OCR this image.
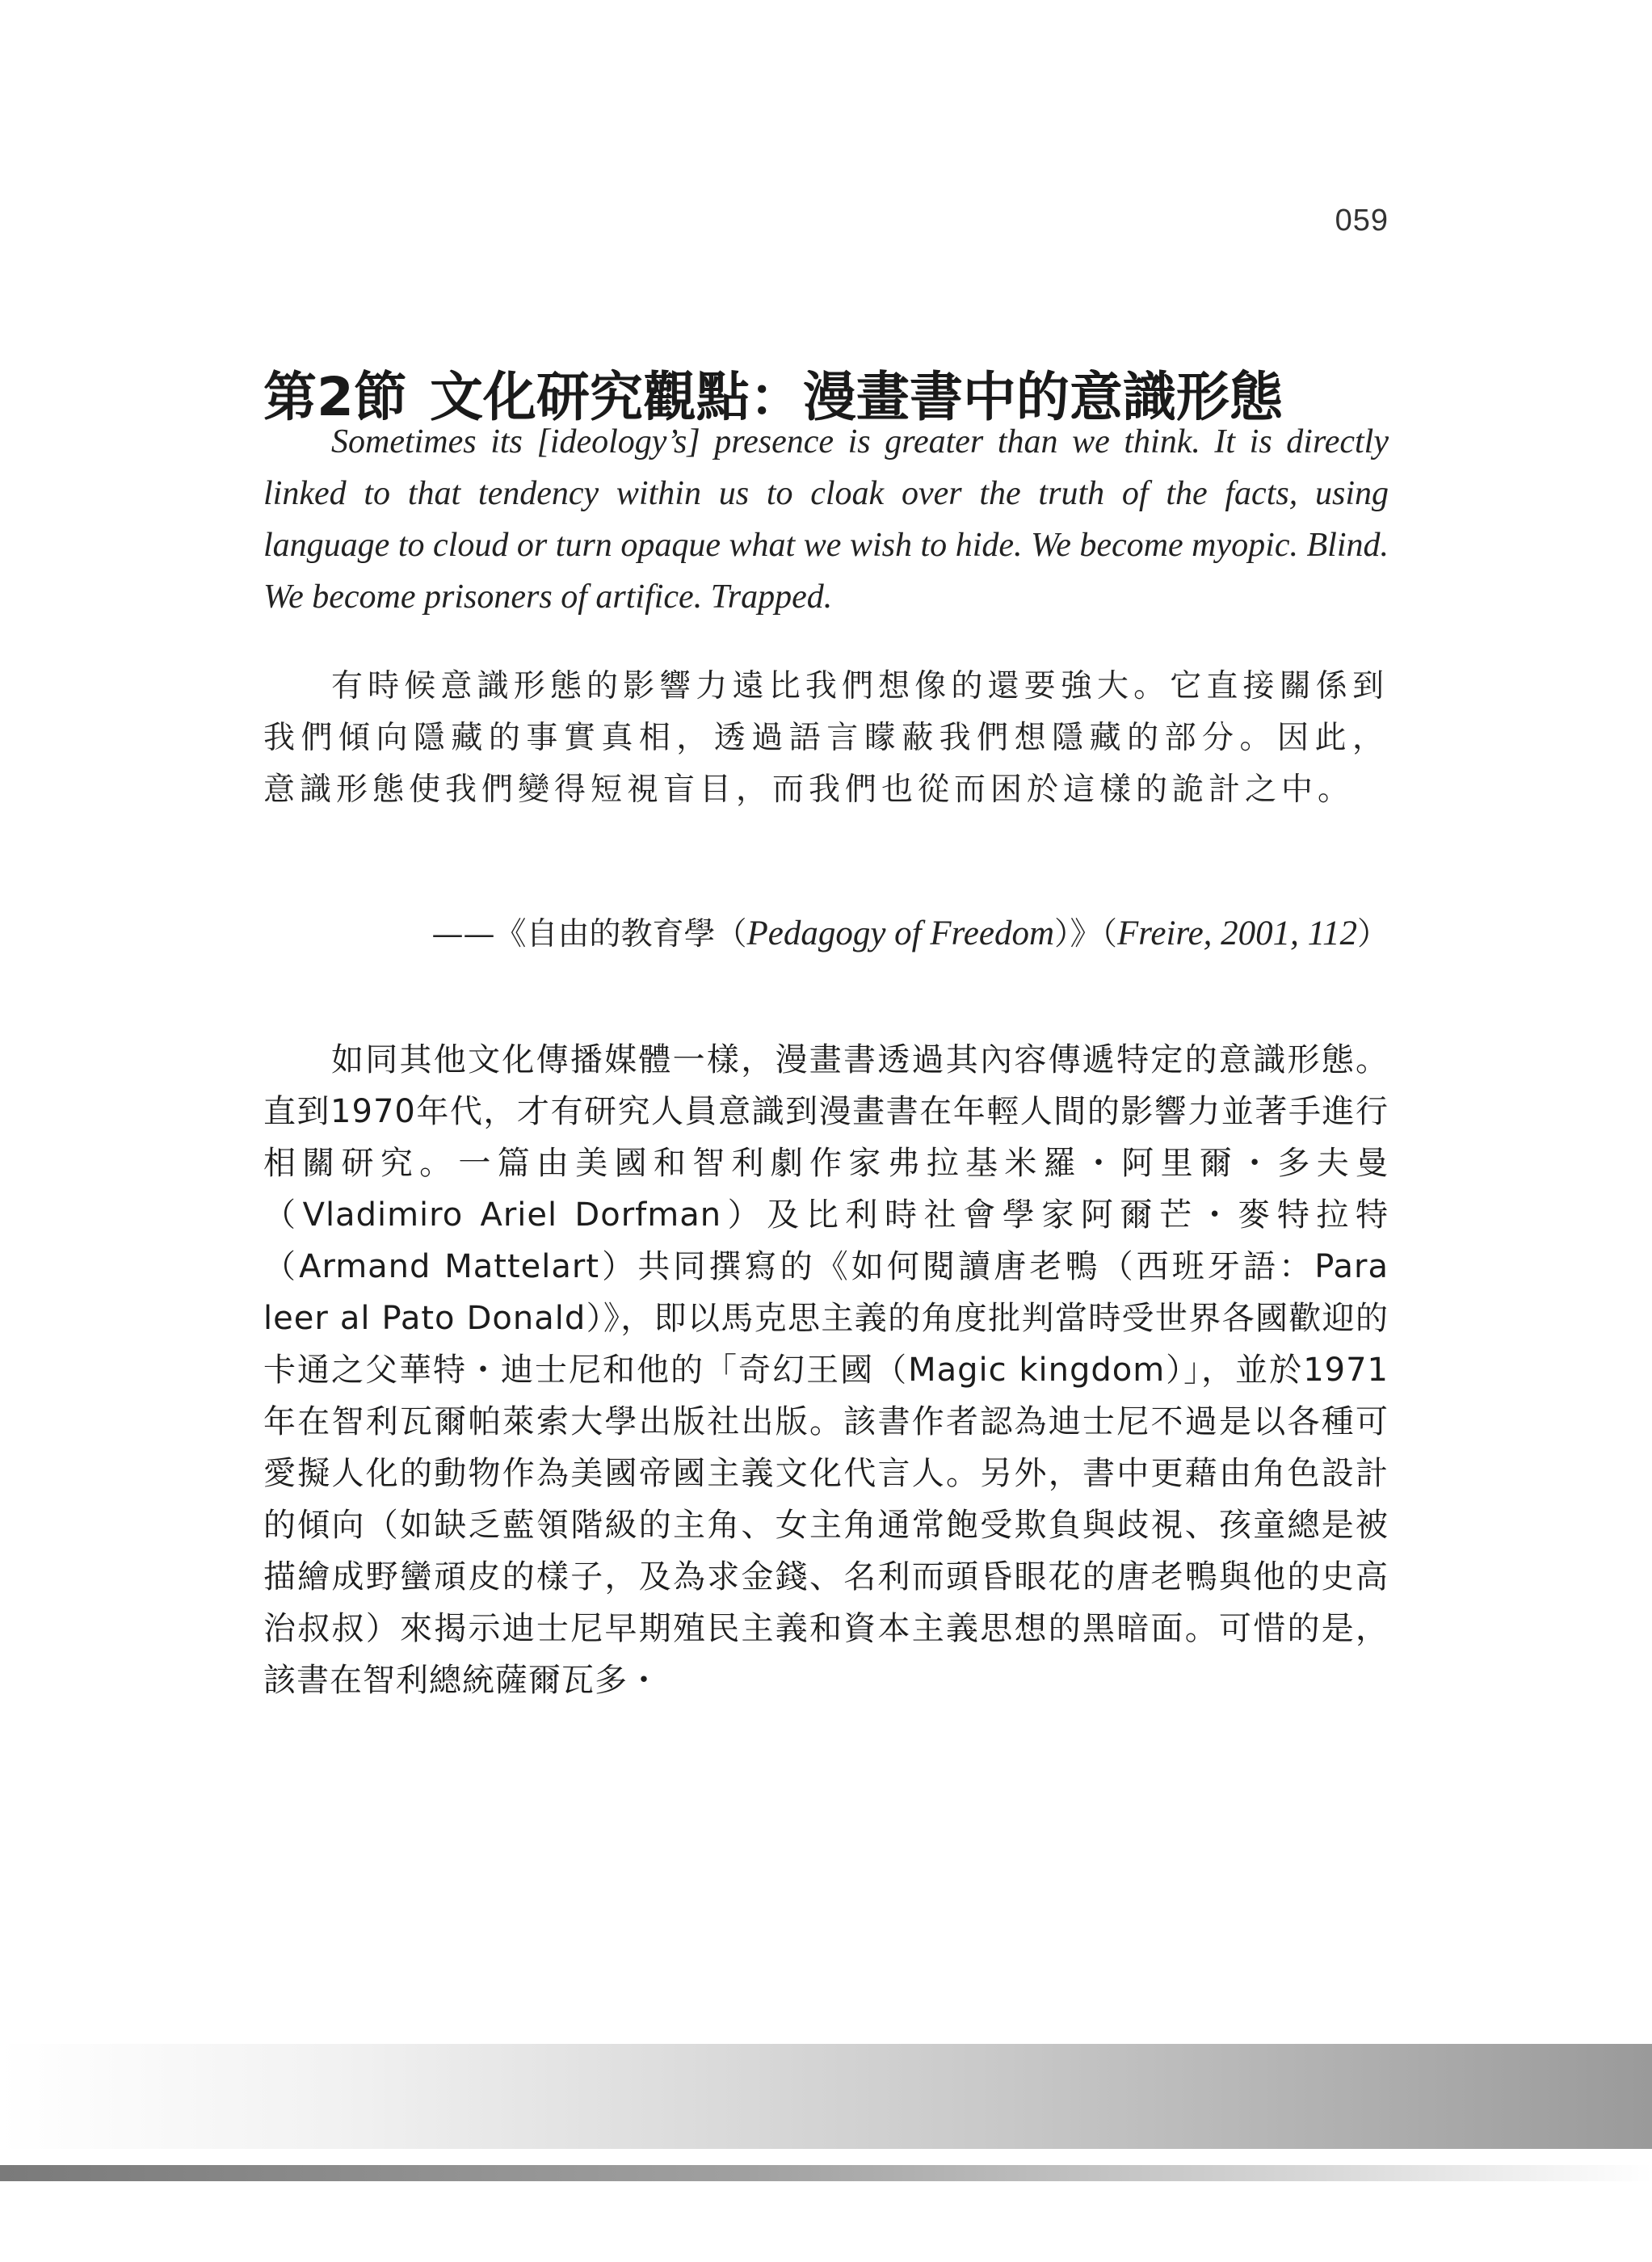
059
第2節 文化研究觀點：漫畫書中的意識形態

Sometimes its [ideology’s] presence is greater than we think. It is directly linked to that tendency within us to cloak over the truth of the facts, using language to cloud or turn opaque what we wish to hide. We become myopic. Blind. We become prisoners of artifice. Trapped.

有時候意識形態的影響力遠比我們想像的還要強大。它直接關係到我們傾向隱藏的事實真相，透過語言矇蔽我們想隱藏的部分。因此，意識形態使我們變得短視盲目，而我們也從而困於這樣的詭計之中。

——《自由的教育學（Pedagogy of Freedom）》（Freire, 2001, 112）

如同其他文化傳播媒體一樣，漫畫書透過其內容傳遞特定的意識形態。直到1970年代，才有研究人員意識到漫畫書在年輕人間的影響力並著手進行相關研究。一篇由美國和智利劇作家弗拉基米羅・阿里爾・多夫曼（Vladimiro Ariel Dorfman）及比利時社會學家阿爾芒・麥特拉特（Armand Mattelart）共同撰寫的《如何閱讀唐老鴨（西班牙語：Para leer al Pato Donald）》，即以馬克思主義的角度批判當時受世界各國歡迎的卡通之父華特・迪士尼和他的「奇幻王國（Magic kingdom）」，並於1971年在智利瓦爾帕萊索大學出版社出版。該書作者認為迪士尼不過是以各種可愛擬人化的動物作為美國帝國主義文化代言人。另外，書中更藉由角色設計的傾向（如缺乏藍領階級的主角、女主角通常飽受欺負與歧視、孩童總是被描繪成野蠻頑皮的樣子，及為求金錢、名利而頭昏眼花的唐老鴨與他的史高治叔叔）來揭示迪士尼早期殖民主義和資本主義思想的黑暗面。可惜的是，該書在智利總統薩爾瓦多・
